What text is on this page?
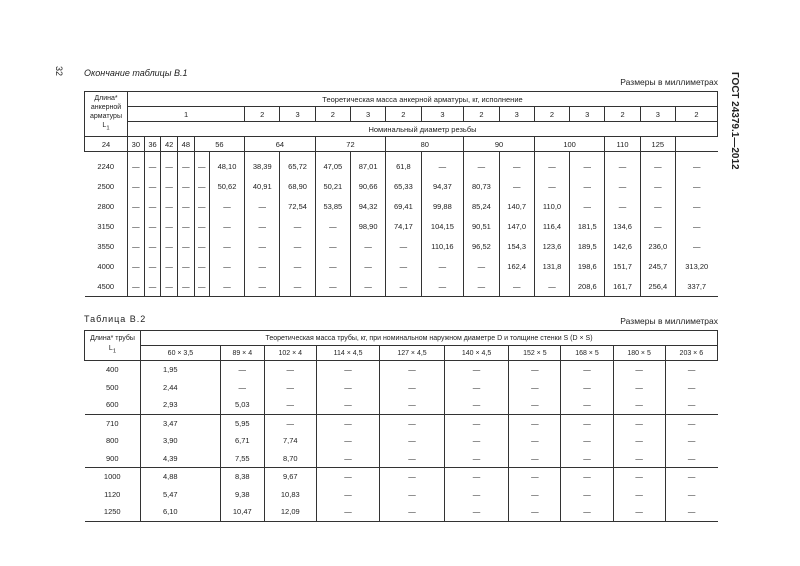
32 Окончание таблицы В.1
Размеры в миллиметрах ГОСТ 24379.1—2012
Длина* анкерной арматуры
$L_1$	Теоретическая масса анкерной арматуры, кг, исполнение																		
	1						2	3	2	3	2	3	2	3	2	3	2	3	2
	Номинальный диаметр резьбы																		
24	30	36	42	48	56		64		72		80		90		100		110	125	
2240	—	—	—	—	—	48,10	38,39	65,72	47,05	87,01	61,8	—	—	—	—	—	—	—	—
2500	—	—	—	—	—	50,62	40,91	68,90	50,21	90,66	65,33	94,37	80,73	—	—	—	—	—	—
2800	—	—	—	—	—	—	—	72,54	53,85	94,32	69,41	99,88	85,24	140,7	110,0	—	—	—	—
3150	—	—	—	—	—	—	—	—	—	98,90	74,17	104,15	90,51	147,0	116,4	181,5	134,6	—	—
3550	—	—	—	—	—	—	—	—	—	—	—	110,16	96,52	154,3	123,6	189,5	142,6	236,0	—
4000	—	—	—	—	—	—	—	—	—	—	—	—	—	162,4	131,8	198,6	151,7	245,7	313,20
4500	—	—	—	—	—	—	—	—	—	—	—	—	—	—	—	208,6	161,7	256,4	337,7
Таблица В.2	Размеры в миллиметрах
Длина* трубы
$L_1$	Теоретическая масса трубы, кг, при номинальном наружном диаметре D и толщине стенки S (D × S)									
	60 × 3,5	89 × 4	102 × 4	114 × 4,5	127 × 4,5	140 × 4,5	152 × 5	168 × 5	180 × 5	203 × 6
400	1,95	—	—	—	—	—	—	—	—	—
500	2,44	—	—	—	—	—	—	—	—	—
600	2,93	5,03	—	—	—	—	—	—	—	—
710	3,47	5,95	—	—	—	—	—	—	—	—
800	3,90	6,71	7,74	—	—	—	—	—	—	—
900	4,39	7,55	8,70	—	—	—	—	—	—	—
1000	4,88	8,38	9,67	—	—	—	—	—	—	—
1120	5,47	9,38	10,83	—	—	—	—	—	—	—
1250	6,10	10,47	12,09	—	—	—	—	—	—	—
